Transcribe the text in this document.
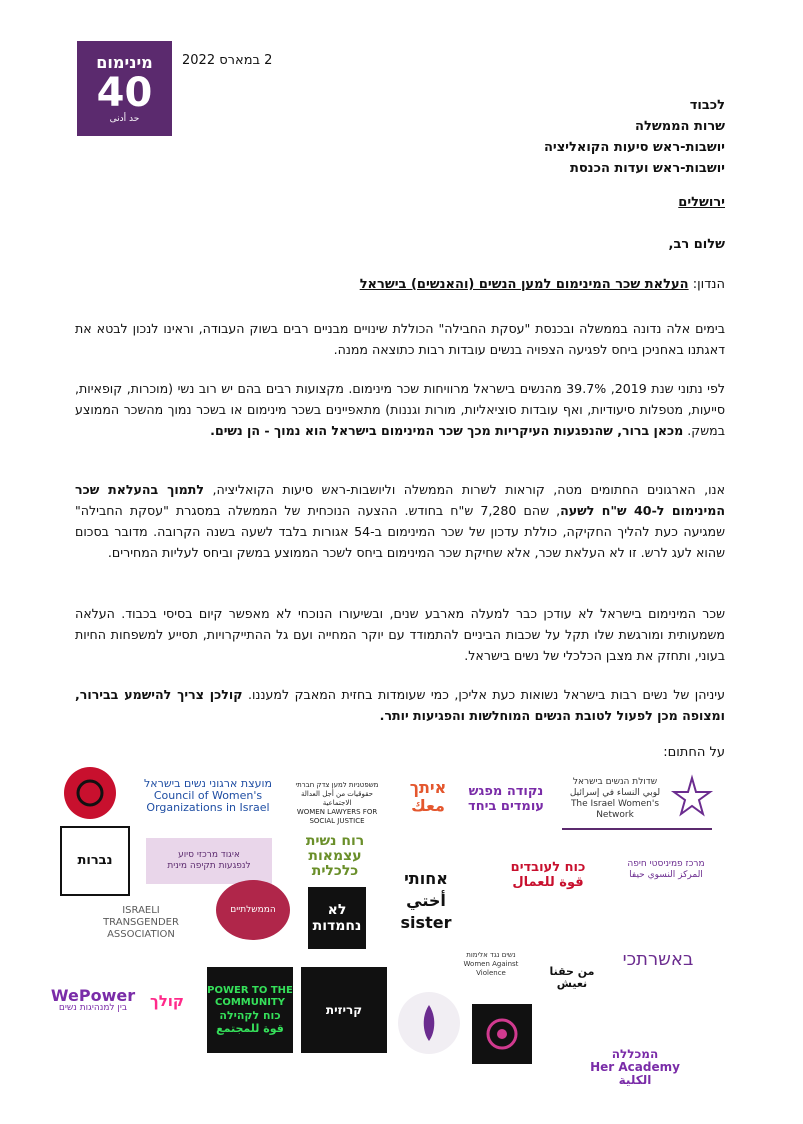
מינימום
40
حد أدنى
2 במארס 2022
לכבוד
שרות הממשלה
יושבות-ראש סיעות הקואליציה
יושבות-ראש ועדות הכנסת
ירושלים
שלום רב,
הנדון: העלאת שכר המינימום למען הנשים (והאנשים) בישראל
בימים אלה נדונה בממשלה ובכנסת "עסקת החבילה" הכוללת שינויים מבניים רבים בשוק העבודה, וראינו לנכון לבטא את דאגתנו באחניכן ביחס לפגיעה הצפויה בנשים עובדות רבות כתוצאה ממנה.
לפי נתוני שנת 2019, 39.7% מהנשים בישראל מרוויחות שכר מינימום. מקצועות רבים בהם יש רוב נשי (מוכרות, קופאיות, סייעות, מטפלות סיעודיות, ואף עובדות סוציאליות, מורות וגננות) מתאפיינים בשכר מינימום או בשכר נמוך מהשכר הממוצע במשק. מכאן ברור, שהנפגעות העיקריות מכך שכר המינימום בישראל הוא נמוך - הן נשים.
אנו, הארגונים החתומים מטה, קוראות לשרות הממשלה וליושבות-ראש סיעות הקואליציה, לתמוך בהעלאת שכר המינימום ל-40 ש"ח לשעה, שהם 7,280 ש"ח בחודש. ההצעה הנוכחית של הממשלה במסגרת "עסקת החבילה" שמגיעה כעת להליך החקיקה, כוללת עדכון של שכר המינימום ב-54 אגורות בלבד לשעה בשנה הקרובה. מדובר בסכום שהוא לעג לרש. זו לא העלאת שכר, אלא שחיקת שכר המינימום ביחס לשכר הממוצע במשק וביחס לעליות המחירים.
שכר המינימום בישראל לא עודכן כבר למעלה מארבע שנים, ובשיעורו הנוכחי לא מאפשר קיום בסיסי בכבוד. העלאה משמעותית ומורגשת שלו תקל על שכבות הביניים להתמודד עם יוקר המחייה ועם גל ההתייקרויות, תסייע למשפחות החיות בעוני, ותחזק את מצבן הכלכלי של נשים בישראל.
עיניהן של נשים רבות בישראל נשואות כעת אליכן, כמי שעומדות בחזית המאבק למעננו. קולכן צריך להישמע בבירור, ומצופה מכן לפעול לטובת הנשים המוחלשות והפגיעות יותר.
על החתום:
מועצת ארגוני נשים בישראל
Council of Women's Organizations in Israel
משפטניות למען צדק חברתי
حقوقيات من أجل العدالة الاجتماعية
WOMEN LAWYERS FOR SOCIAL JUSTICE
איתך
معك
נקודה מפגש
עומדים ביחד
שדולת הנשים בישראל
لوبي النساء في إسرائيل
The Israel Women's Network
נברות	איגוד מרכזי סיוע
לנפגעות תקיפה מינית
רוח נשית
עצמאות כלכלית	אחותי
أختي
sister
כוח לעובדים
قوة للعمال
מרכז פמיניסטי חיפה
المركز النسوي حيفا
ISRAELI
TRANSGENDER
ASSOCIATION
הממשלתיים	לא
נחמדות
נשים נגד אלימות
Women Against Violence	من حقنا نعيش
באשרתכי
WePower
בין למנהיגות נשים קולך
POWER TO THE
COMMUNITY
כוח לקהילה
قوة للمجتمع
קריזית
המכללה
Her Academy
الكلية
